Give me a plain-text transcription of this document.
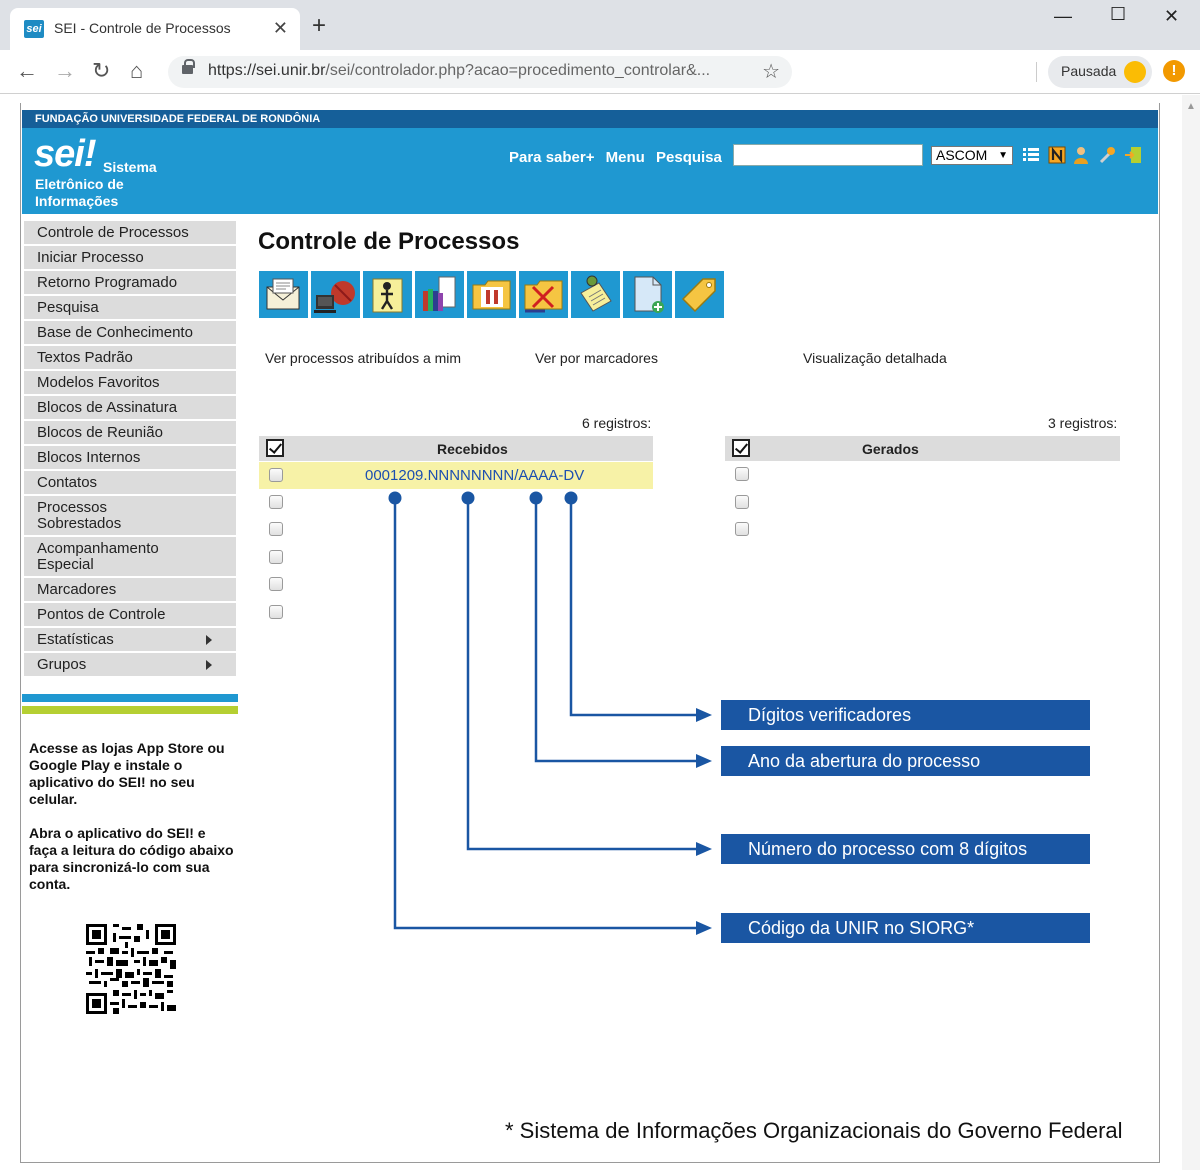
sei SEI - Controle de Processos ✕ +	— ☐ ✕
← → ↻ ⌂	https://sei.unir.br/sei/controlador.php?acao=procedimento_controlar&...	☆	Pausada	!
▲
FUNDAÇÃO UNIVERSIDADE FEDERAL DE RONDÔNIA
sei! Sistema
Eletrônico de
Informações
Para saber+ Menu Pesquisa	ASCOM ▼
Controle de Processos
Iniciar Processo
Retorno Programado
Pesquisa
Base de Conhecimento
Textos Padrão
Modelos Favoritos
Blocos de Assinatura
Blocos de Reunião
Blocos Internos
Contatos
Processos Sobrestados
Acompanhamento Especial
Marcadores
Pontos de Controle
Estatísticas
Grupos
Acesse as lojas App Store ou Google Play e instale o aplicativo do SEI! no seu celular.
Abra o aplicativo do SEI! e faça a leitura do código abaixo para sincronizá-lo com sua conta.
Controle de Processos
Ver processos atribuídos a mim	Ver por marcadores	Visualização detalhada
6 registros:	3 registros:
Recebidos	Gerados
0001209.NNNNNNNN/AAAA-DV
Dígitos verificadores
Ano da abertura do processo
Número do processo com 8 dígitos
Código da UNIR no SIORG*
* Sistema de Informações Organizacionais do Governo Federal
